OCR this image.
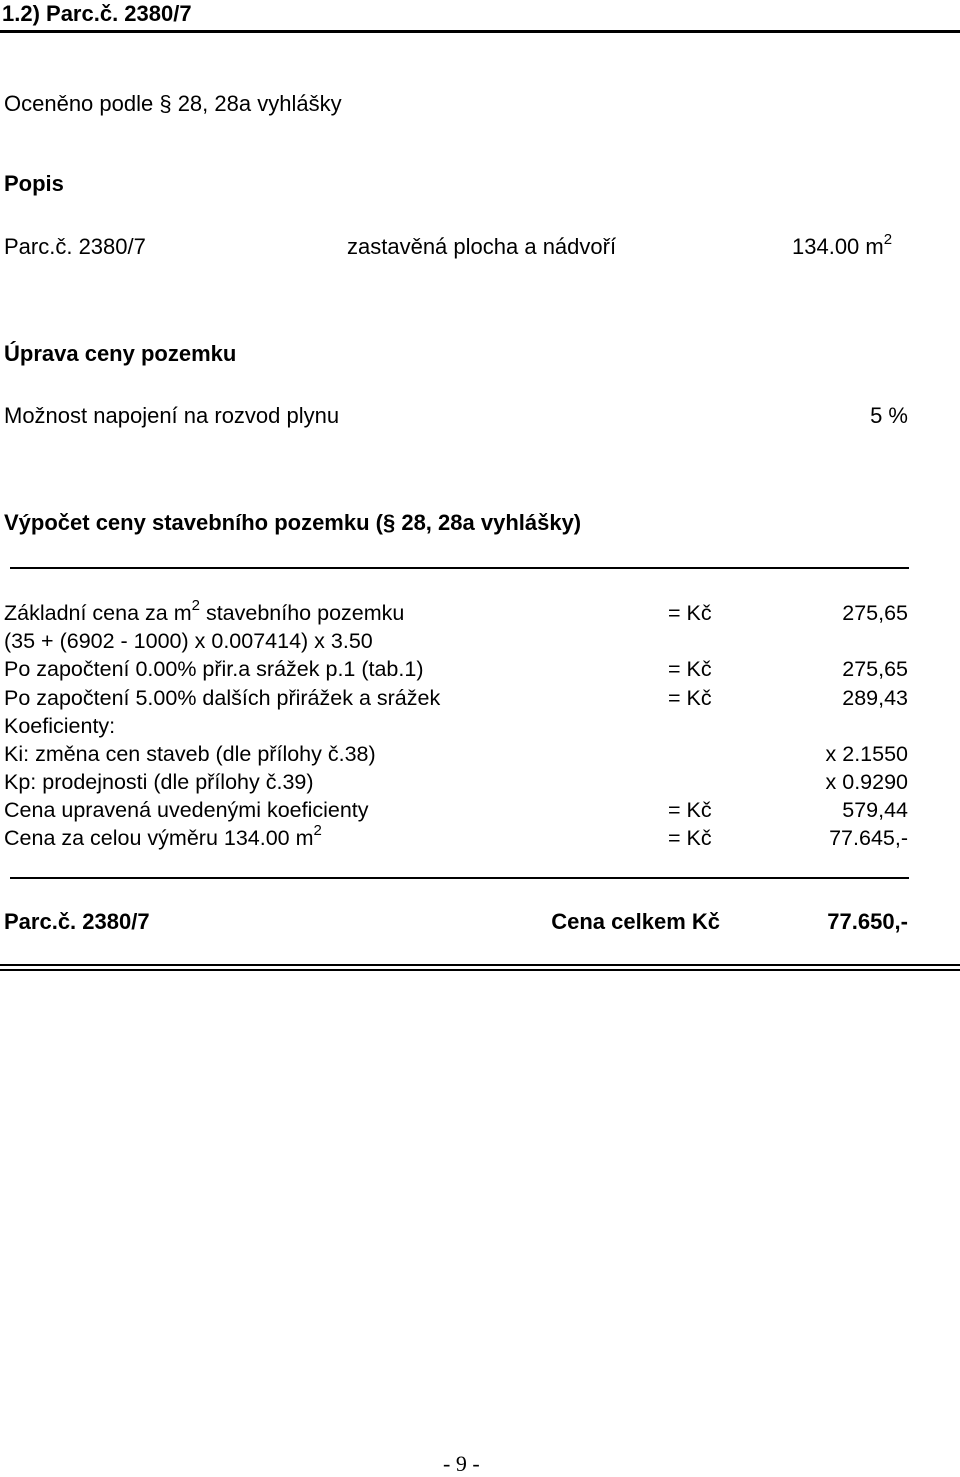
1.2) Parc.č. 2380/7
Oceněno podle § 28, 28a vyhlášky
Popis
Parc.č. 2380/7	zastavěná plocha a nádvoří	134.00 $m^2$
Úprava ceny pozemku
Možnost napojení na rozvod plynu	5 %
Výpočet ceny stavebního pozemku (§ 28, 28a vyhlášky)
Základní cena za $m^2$ stavebního pozemku	= Kč	275,65
(35 + (6902 - 1000) x 0.007414) x 3.50
Po započtení 0.00% přir.a srážek p.1 (tab.1)	= Kč	275,65
Po započtení 5.00% dalších přirážek a srážek	= Kč	289,43
Koeficienty:
Ki: změna cen staveb (dle přílohy č.38)	x 2.1550
Kp: prodejnosti (dle přílohy č.39)	x 0.9290
Cena upravená uvedenými koeficienty	= Kč	579,44
Cena za celou výměru 134.00 $m^2$	= Kč	77.645,-
Parc.č. 2380/7	Cena celkem Kč	77.650,-
- 9 -
